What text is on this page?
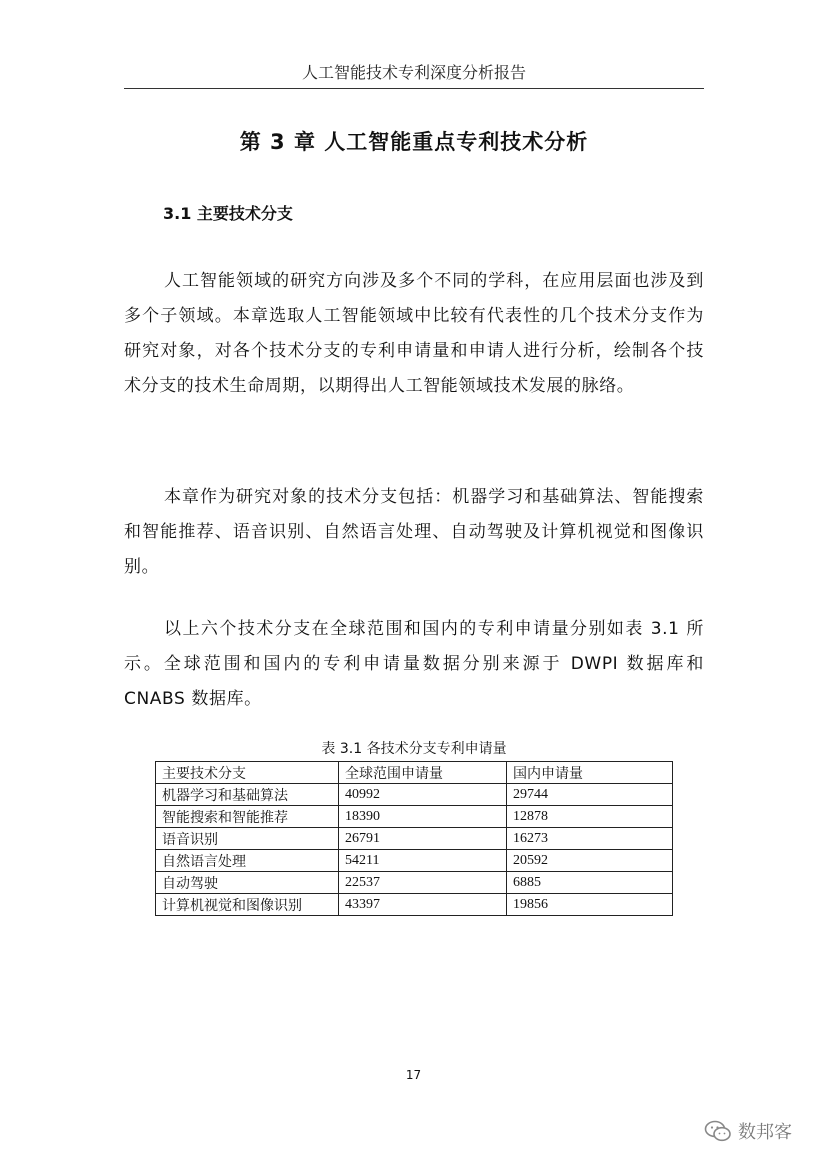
人工智能技术专利深度分析报告
第 3 章 人工智能重点专利技术分析
3.1 主要技术分支

人工智能领域的研究方向涉及多个不同的学科，在应用层面也涉及到多个子领域。本章选取人工智能领域中比较有代表性的几个技术分支作为研究对象，对各个技术分支的专利申请量和申请人进行分析，绘制各个技术分支的技术生命周期，以期得出人工智能领域技术发展的脉络。

本章作为研究对象的技术分支包括：机器学习和基础算法、智能搜索和智能推荐、语音识别、自然语言处理、自动驾驶及计算机视觉和图像识别。

以上六个技术分支在全球范围和国内的专利申请量分别如表 3.1 所示。全球范围和国内的专利申请量数据分别来源于 DWPI 数据库和 CNABS 数据库。

表 3.1 各技术分支专利申请量
主要技术分支	全球范围申请量	国内申请量
机器学习和基础算法	40992	29744
智能搜索和智能推荐	18390	12878
语音识别	26791	16273
自然语言处理	54211	20592
自动驾驶	22537	6885
计算机视觉和图像识别	43397	19856
17
数邦客
